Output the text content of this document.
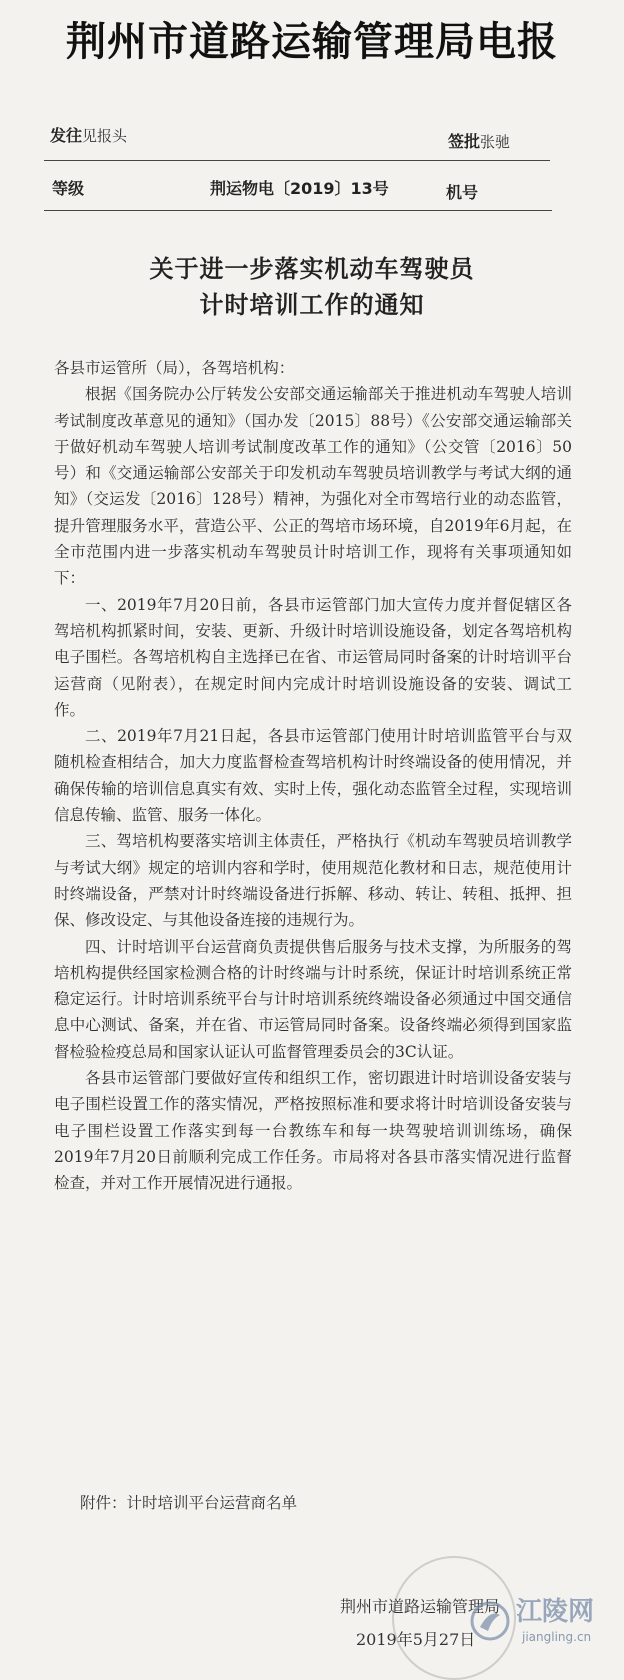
荆州市道路运输管理局电报
发往见报头	签批张驰
等级	荆运物电〔2019〕13号	机号
关于进一步落实机动车驾驶员
计时培训工作的通知

各县市运管所（局），各驾培机构：

根据《国务院办公厅转发公安部交通运输部关于推进机动车驾驶人培训考试制度改革意见的通知》（国办发〔2015〕88号）《公安部交通运输部关于做好机动车驾驶人培训考试制度改革工作的通知》（公交管〔2016〕50号）和《交通运输部公安部关于印发机动车驾驶员培训教学与考试大纲的通知》（交运发〔2016〕128号）精神，为强化对全市驾培行业的动态监管，提升管理服务水平，营造公平、公正的驾培市场环境，自2019年6月起，在全市范围内进一步落实机动车驾驶员计时培训工作，现将有关事项通知如下：

一、2019年7月20日前，各县市运管部门加大宣传力度并督促辖区各驾培机构抓紧时间，安装、更新、升级计时培训设施设备，划定各驾培机构电子围栏。各驾培机构自主选择已在省、市运管局同时备案的计时培训平台运营商（见附表），在规定时间内完成计时培训设施设备的安装、调试工作。

二、2019年7月21日起，各县市运管部门使用计时培训监管平台与双随机检查相结合，加大力度监督检查驾培机构计时终端设备的使用情况，并确保传输的培训信息真实有效、实时上传，强化动态监管全过程，实现培训信息传输、监管、服务一体化。

三、驾培机构要落实培训主体责任，严格执行《机动车驾驶员培训教学与考试大纲》规定的培训内容和学时，使用规范化教材和日志，规范使用计时终端设备，严禁对计时终端设备进行拆解、移动、转让、转租、抵押、担保、修改设定、与其他设备连接的违规行为。

四、计时培训平台运营商负责提供售后服务与技术支撑，为所服务的驾培机构提供经国家检测合格的计时终端与计时系统，保证计时培训系统正常稳定运行。计时培训系统平台与计时培训系统终端设备必须通过中国交通信息中心测试、备案，并在省、市运管局同时备案。设备终端必须得到国家监督检验检疫总局和国家认证认可监督管理委员会的3C认证。

各县市运管部门要做好宣传和组织工作，密切跟进计时培训设备安装与电子围栏设置工作的落实情况，严格按照标准和要求将计时培训设备安装与电子围栏设置工作落实到每一台教练车和每一块驾驶培训训练场，确保2019年7月20日前顺利完成工作任务。市局将对各县市落实情况进行监督检查，并对工作开展情况进行通报。

附件：计时培训平台运营商名单
荆州市道路运输管理局
2019年5月27日
江陵网
jiangling.cn
